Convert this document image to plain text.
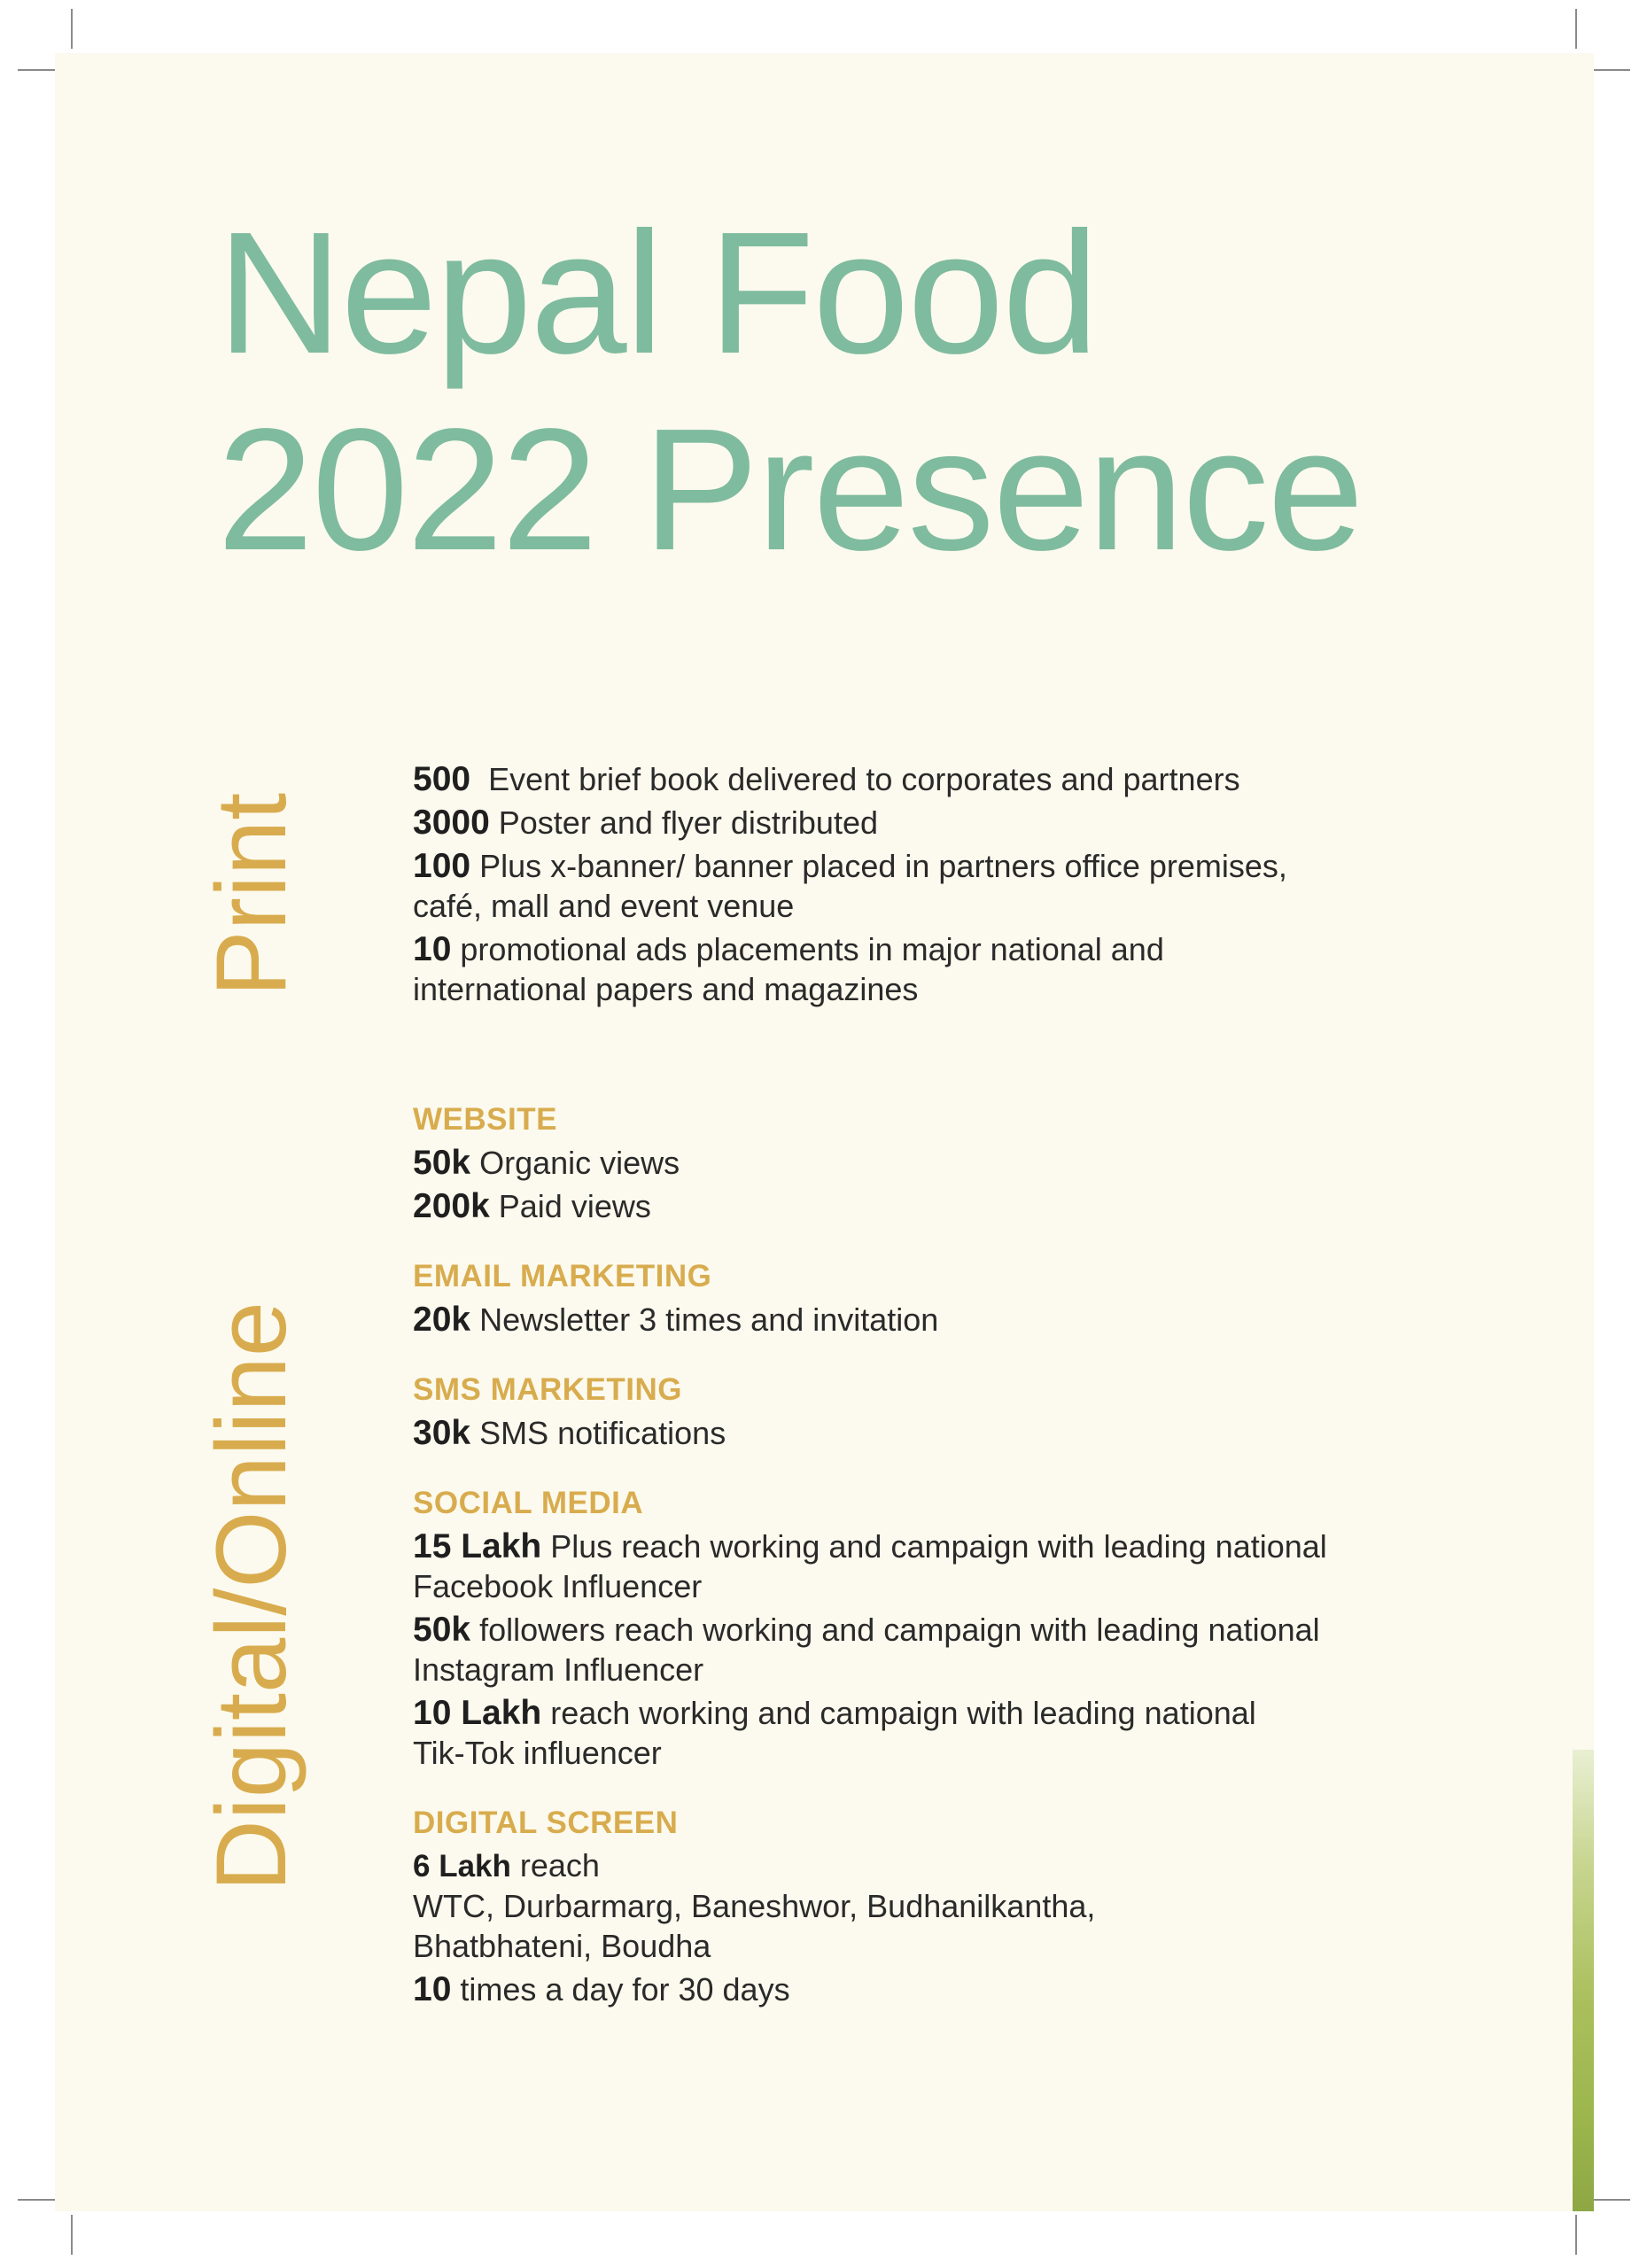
Nepal Food
2022 Presence
Print
Digital/Online
500  Event brief book delivered to corporates and partners
3000 Poster and flyer distributed
100 Plus x-banner/ banner placed in partners office premises,
café, mall and event venue
10 promotional ads placements in major national and
international papers and magazines
WEBSITE
50k Organic views
200k Paid views
EMAIL MARKETING
20k Newsletter 3 times and invitation
SMS MARKETING
30k SMS notifications
SOCIAL MEDIA
15 Lakh Plus reach working and campaign with leading national
Facebook Influencer
50k followers reach working and campaign with leading national
Instagram Influencer
10 Lakh reach working and campaign with leading national
Tik-Tok influencer
DIGITAL SCREEN
6 Lakh reach
WTC, Durbarmarg, Baneshwor, Budhanilkantha,
Bhatbhateni, Boudha
10 times a day for 30 days
